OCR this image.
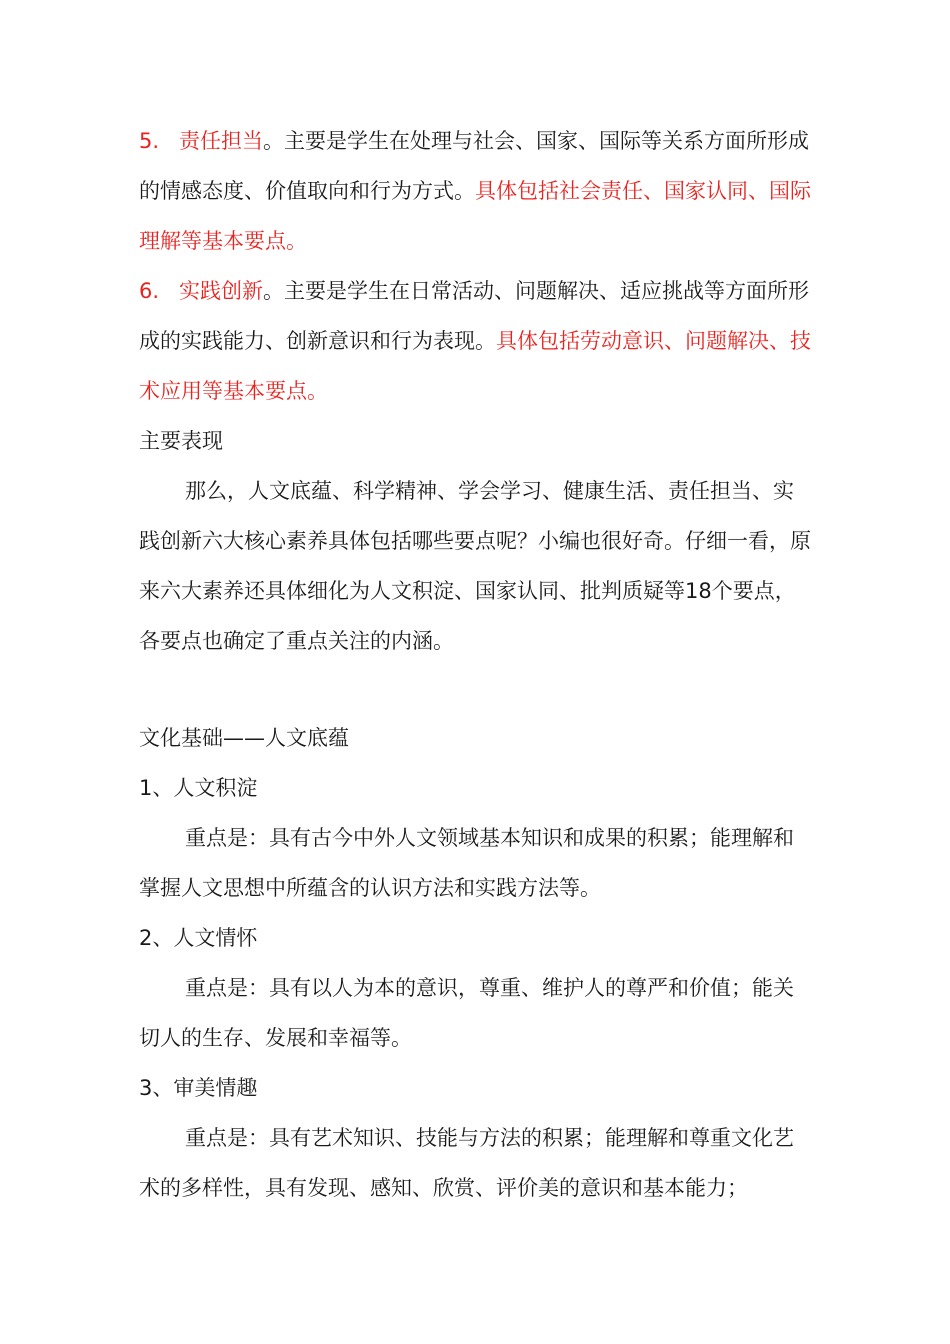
5. 责任担当。主要是学生在处理与社会、国家、国际等关系方面所形成的情感态度、价值取向和行为方式。具体包括社会责任、国家认同、国际理解等基本要点。

6. 实践创新。主要是学生在日常活动、问题解决、适应挑战等方面所形成的实践能力、创新意识和行为表现。具体包括劳动意识、问题解决、技术应用等基本要点。

主要表现

那么，人文底蕴、科学精神、学会学习、健康生活、责任担当、实践创新六大核心素养具体包括哪些要点呢？小编也很好奇。仔细一看，原来六大素养还具体细化为人文积淀、国家认同、批判质疑等18个要点，各要点也确定了重点关注的内涵。

文化基础——人文底蕴

1、人文积淀

重点是：具有古今中外人文领域基本知识和成果的积累；能理解和掌握人文思想中所蕴含的认识方法和实践方法等。

2、人文情怀

重点是：具有以人为本的意识，尊重、维护人的尊严和价值；能关切人的生存、发展和幸福等。

3、审美情趣

重点是：具有艺术知识、技能与方法的积累；能理解和尊重文化艺术的多样性，具有发现、感知、欣赏、评价美的意识和基本能力；
